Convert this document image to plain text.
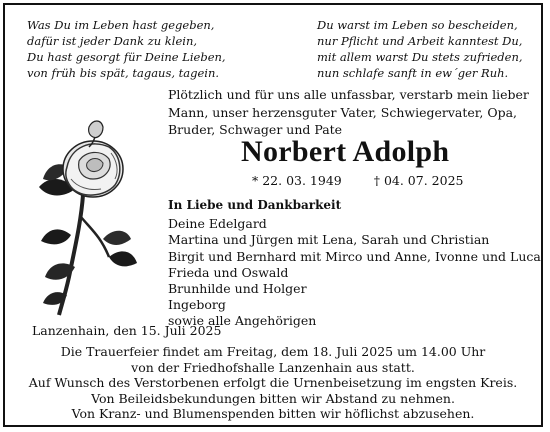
Was Du im Leben hast gegeben,
dafür ist jeder Dank zu klein,
Du hast gesorgt für Deine Lieben,
von früh bis spät, tagaus, tagein.
Du warst im Leben so bescheiden,
nur Pflicht und Arbeit kanntest Du,
mit allem warst Du stets zufrieden,
nun schlafe sanft in ew´ger Ruh.
Plötzlich und für uns alle unfassbar, verstarb mein lieber
Mann, unser herzensguter Vater, Schwiegervater, Opa,
Bruder, Schwager und Pate
Norbert Adolph
* 22. 03. 1949	† 04. 07. 2025
In Liebe und Dankbarkeit
Deine Edelgard
Martina und Jürgen mit Lena, Sarah und Christian
Birgit und Bernhard mit Mirco und Anne, Ivonne und Luca
Frieda und Oswald
Brunhilde und Holger
Ingeborg
sowie alle Angehörigen
Lanzenhain, den 15. Juli 2025
Die Trauerfeier findet am Freitag, dem 18. Juli 2025 um 14.00 Uhr
von der Friedhofshalle Lanzenhain aus statt.
Auf Wunsch des Verstorbenen erfolgt die Urnenbeisetzung im engsten Kreis.
Von Beileidsbekundungen bitten wir Abstand zu nehmen.
Von Kranz- und Blumenspenden bitten wir höflichst abzusehen.
